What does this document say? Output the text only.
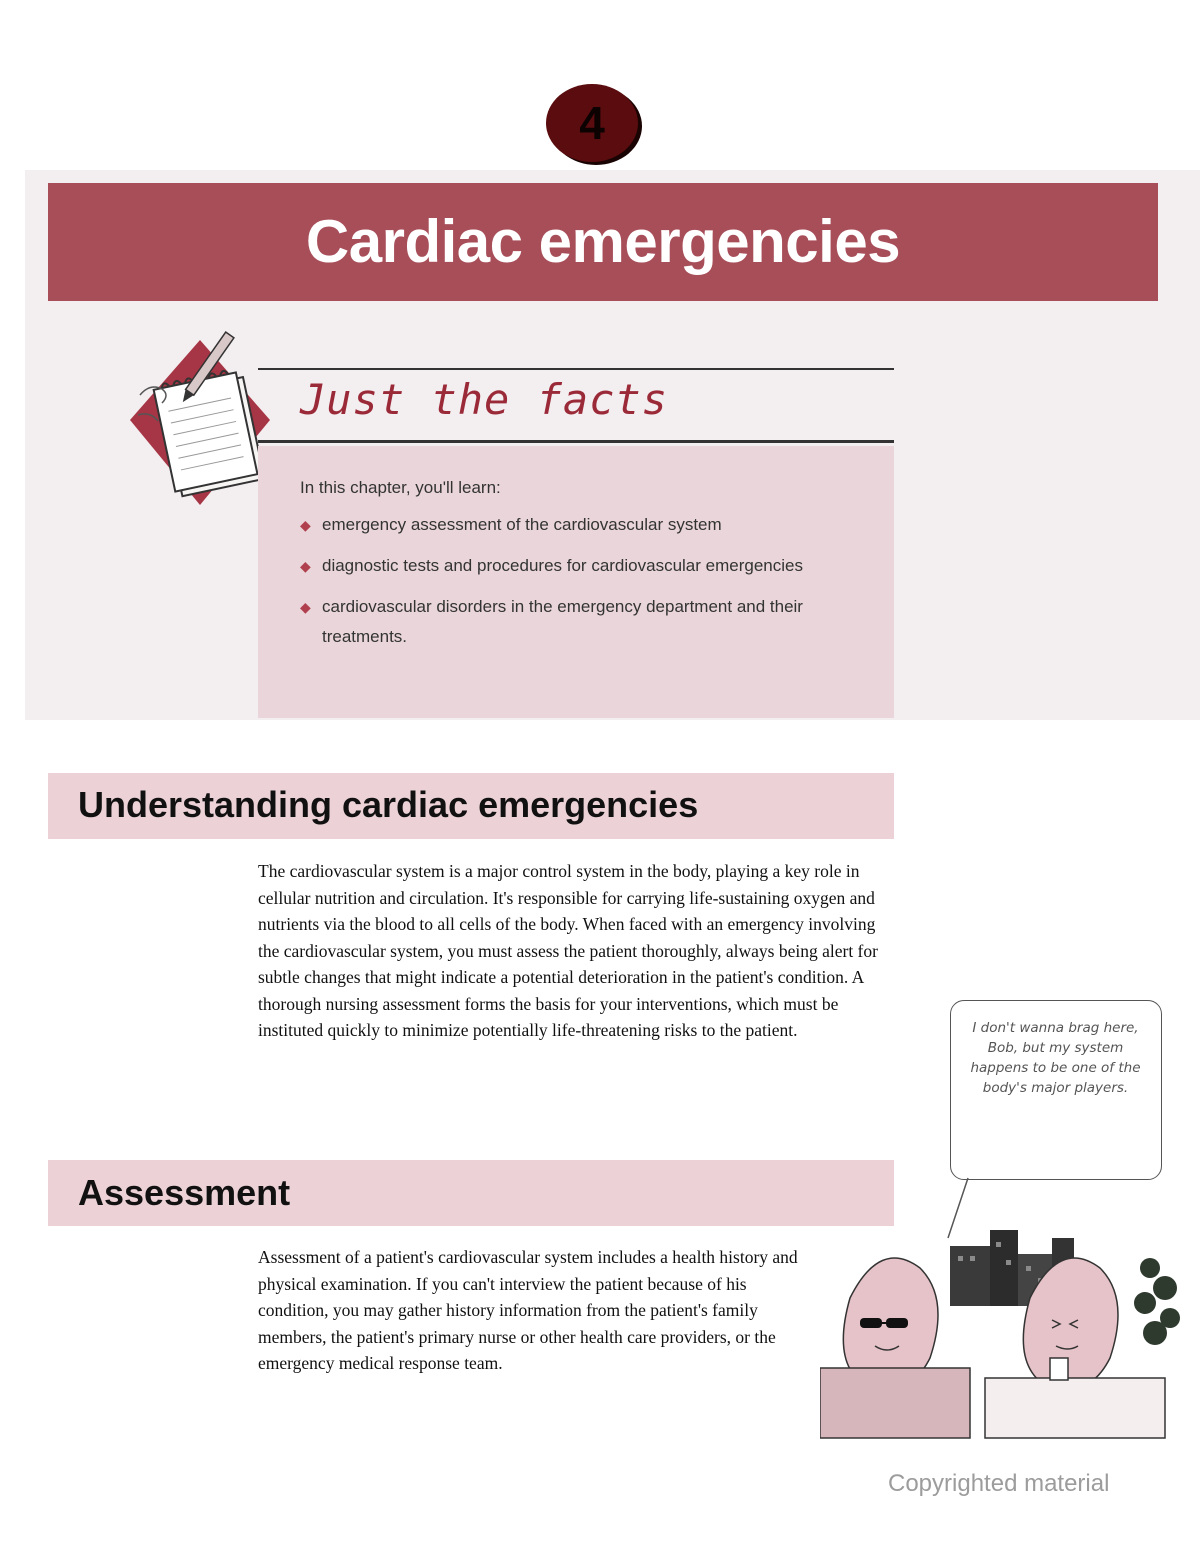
4
Cardiac emergencies
Just the facts
In this chapter, you'll learn:
◆ emergency assessment of the cardiovascular system
◆ diagnostic tests and procedures for cardiovascular emergencies
◆ cardiovascular disorders in the emergency department and their treatments.
Understanding cardiac emergencies

The cardiovascular system is a major control system in the body, playing a key role in cellular nutrition and circulation. It's responsible for carrying life-sustaining oxygen and nutrients via the blood to all cells of the body. When faced with an emergency involving the cardiovascular system, you must assess the patient thoroughly, always being alert for subtle changes that might indicate a potential deterioration in the patient's condition. A thorough nursing assessment forms the basis for your interventions, which must be instituted quickly to minimize potentially life-threatening risks to the patient.

Assessment

Assessment of a patient's cardiovascular system includes a health history and physical examination. If you can't interview the patient because of his condition, you may gather history information from the patient's family members, the patient's primary nurse or other health care providers, or the emergency medical response team.

I don't wanna brag here, Bob, but my system happens to be one of the body's major players.
Copyrighted material
